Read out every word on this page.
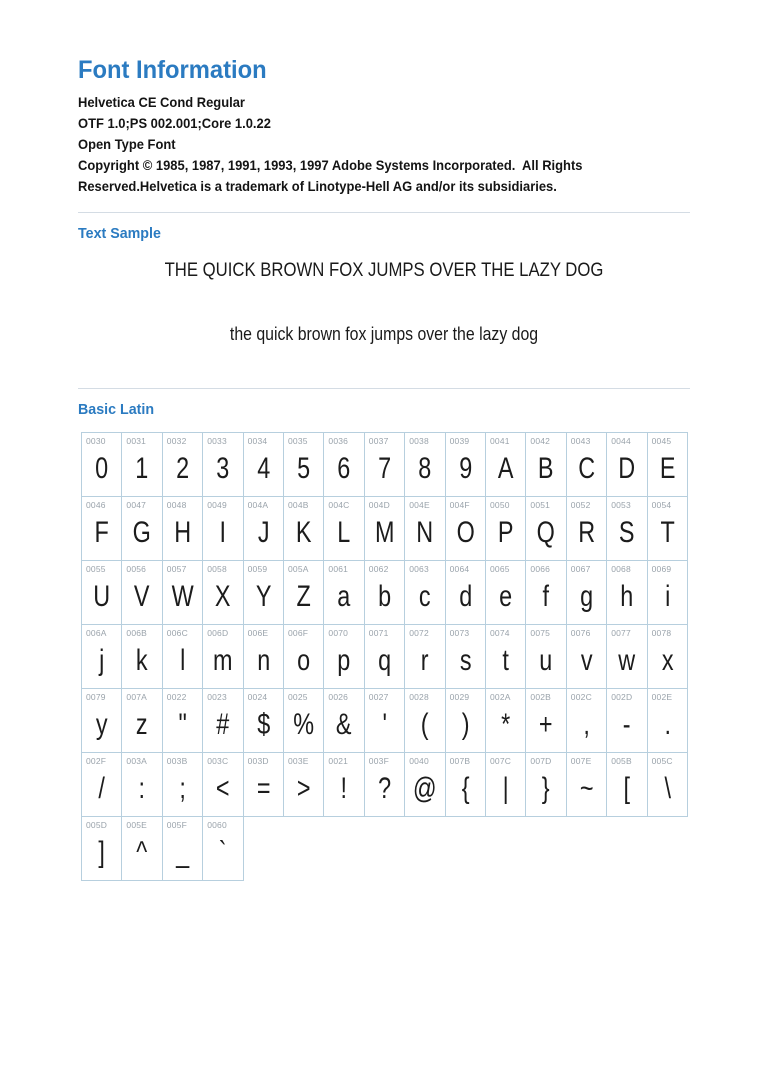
Font Information
Helvetica CE Cond Regular
OTF 1.0;PS 002.001;Core 1.0.22
Open Type Font
Copyright © 1985, 1987, 1991, 1993, 1997 Adobe Systems Incorporated.  All Rights Reserved.Helvetica is a trademark of Linotype-Hell AG and/or its subsidiaries.
Text Sample
THE QUICK BROWN FOX JUMPS OVER THE LAZY DOG
the quick brown fox jumps over the lazy dog
Basic Latin
0030
0
0031
1
0032
2
0033
3
0034
4
0035
5
0036
6
0037
7
0038
8
0039
9
0041
A
0042
B
0043
C
0044
D
0045
E
0046
F
0047
G
0048
H
0049
I
004A
J
004B
K
004C
L
004D
M
004E
N
004F
O
0050
P
0051
Q
0052
R
0053
S
0054
T
0055
U
0056
V
0057
W
0058
X
0059
Y
005A
Z
0061
a
0062
b
0063
c
0064
d
0065
e
0066
f
0067
g
0068
h
0069
i
006A
j
006B
k
006C
l
006D
m
006E
n
006F
o
0070
p
0071
q
0072
r
0073
s
0074
t
0075
u
0076
v
0077
w
0078
x
0079
y
007A
z
0022
"
0023
#
0024
$
0025
%
0026
&
0027
'
0028
(
0029
)
002A
*
002B
+
002C
,
002D
-
002E
.
002F
/
003A
:
003B
;
003C
<
003D
=
003E
>
0021
!
003F
?
0040
@
007B
{
007C
|
007D
}
007E
~
005B
[
005C
\
005D
]
005E
^
005F
_
0060
`
